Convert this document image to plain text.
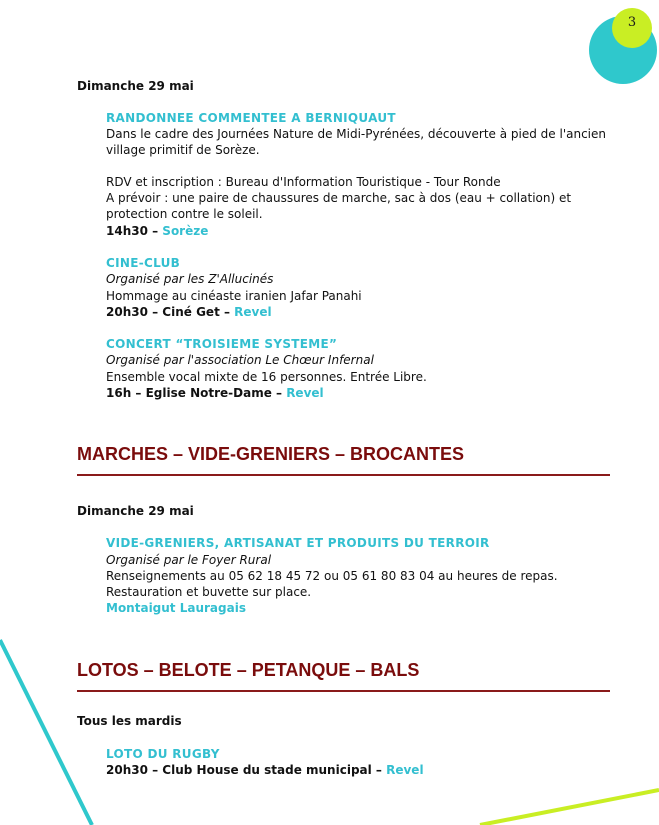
3
Dimanche 29 mai
RANDONNEE COMMENTEE A BERNIQUAUT
Dans le cadre des Journées Nature de Midi-Pyrénées, découverte à pied de l'ancien
village primitif de Sorèze.
RDV et inscription : Bureau d'Information Touristique - Tour Ronde
A prévoir : une paire de chaussures de marche, sac à dos (eau + collation) et
protection contre le soleil.
14h30 – Sorèze
CINE-CLUB
Organisé par les Z'Allucinés
Hommage au cinéaste iranien Jafar Panahi
20h30 – Ciné Get – Revel
CONCERT “TROISIEME SYSTEME”
Organisé par l'association Le Chœur Infernal
Ensemble vocal mixte de 16 personnes. Entrée Libre.
16h – Eglise Notre-Dame – Revel
MARCHES – VIDE-GRENIERS – BROCANTES
Dimanche 29 mai
VIDE-GRENIERS, ARTISANAT ET PRODUITS DU TERROIR
Organisé par le Foyer Rural
Renseignements au 05 62 18 45 72 ou 05 61 80 83 04 au heures de repas.
Restauration et buvette sur place.
Montaigut Lauragais
LOTOS – BELOTE – PETANQUE – BALS
Tous les mardis
LOTO DU RUGBY
20h30 – Club House du stade municipal – Revel
